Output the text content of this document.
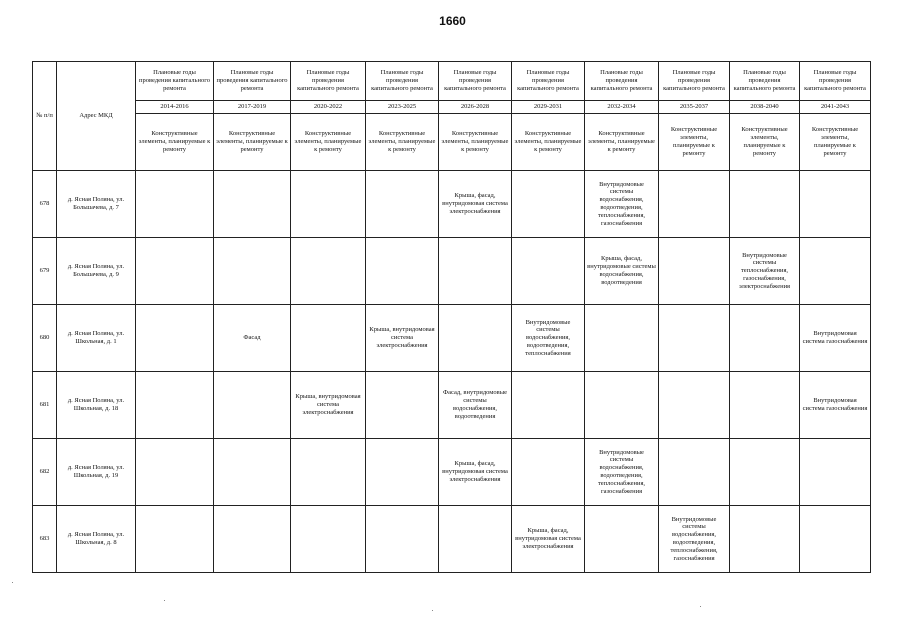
1660
№ п/п	Адрес МКД	Плановые годы проведения капитального ремонта	Плановые годы проведения капитального ремонта	Плановые годы проведения капитального ремонта	Плановые годы проведения капитального ремонта	Плановые годы проведения капитального ремонта	Плановые годы проведения капитального ремонта	Плановые годы проведения капитального ремонта	Плановые годы проведения капитального ремонта	Плановые годы проведения капитального ремонта	Плановые годы проведения капитального ремонта
		2014-2016	2017-2019	2020-2022	2023-2025	2026-2028	2029-2031	2032-2034	2035-2037	2038-2040	2041-2043
		Конструктивные элементы, планируемые к ремонту	Конструктивные элементы, планируемые к ремонту	Конструктивные элементы, планируемые к ремонту	Конструктивные элементы, планируемые к ремонту	Конструктивные элементы, планируемые к ремонту	Конструктивные элементы, планируемые к ремонту	Конструктивные элементы, планируемые к ремонту	Конструктивные элементы, планируемые к ремонту	Конструктивные элементы, планируемые к ремонту	Конструктивные элементы, планируемые к ремонту
678	д. Ясная Поляна, ул. Большачева, д. 7					Крыша, фасад, внутридомовая система электроснабжения		Внутридомовые системы водоснабжения, водоотведения, теплоснабжения, газоснабжения			
679	д. Ясная Поляна, ул. Большачева, д. 9							Крыша, фасад, внутридомовые системы водоснабжения, водоотведения		Внутридомовые системы теплоснабжения, газоснабжения, электроснабжения	
680	д. Ясная Поляна, ул. Школьная, д. 1		Фасад		Крыша, внутридомовая система электроснабжения		Внутридомовые системы водоснабжения, водоотведения, теплоснабжения				Внутридомовая система газоснабжения
681	д. Ясная Поляна, ул. Школьная, д. 18			Крыша, внутридомовая система электроснабжения		Фасад, внутридомовые системы водоснабжения, водоотведения					Внутридомовая система газоснабжения
682	д. Ясная Поляна, ул. Школьная, д. 19					Крыша, фасад, внутридомовая система электроснабжения		Внутридомовые системы водоснабжения, водоотведения, теплоснабжения, газоснабжения			
683	д. Ясная Поляна, ул. Школьная, д. 8						Крыша, фасад, внутридомовая система электроснабжения		Внутридомовые системы водоснабжения, водоотведения, теплоснабжения, газоснабжения		
